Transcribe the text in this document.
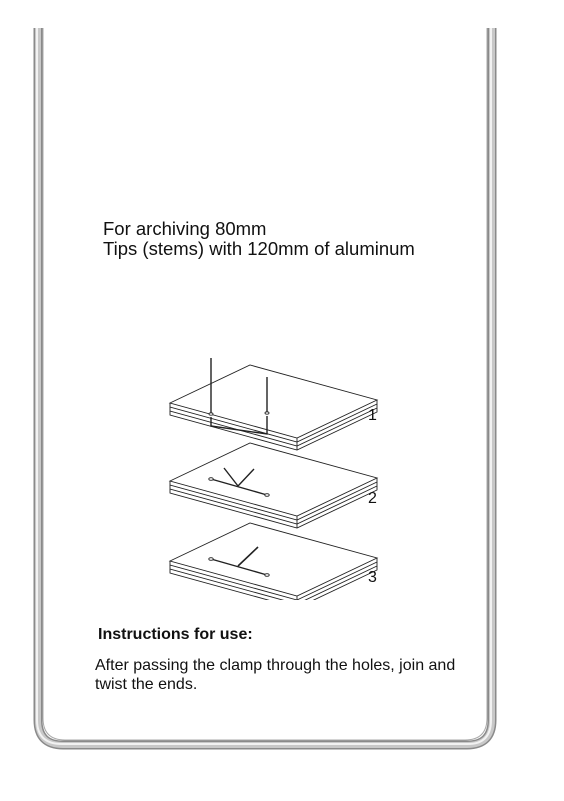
For archiving 80mm
Tips (stems) with 120mm of aluminum
1
2
3
Instructions for use:
After passing the clamp through the holes, join and twist the ends.
